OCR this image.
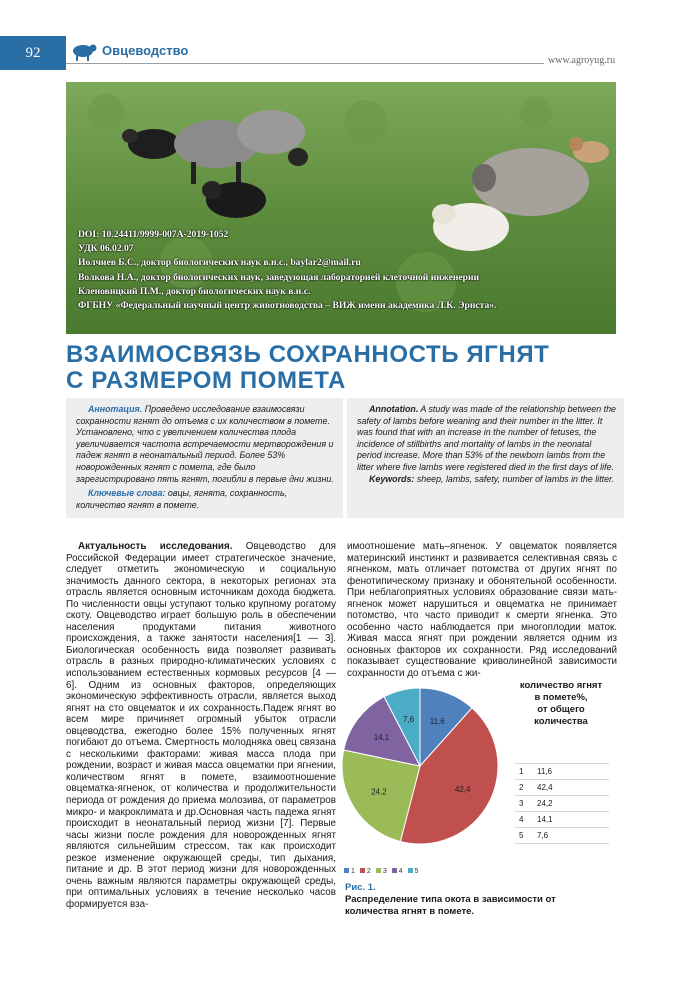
92	Овцеводство
www.agroyug.ru
DOI: 10.24411/9999-007A-2019-1052
УДК 06.02.07
Иолчиев Б.С., доктор биологических наук в.н.с., baylar2@mail.ru
Волкова Н.А., доктор биологических наук, заведующая лабораторией клеточной инженерии
Кленовицкий П.М., доктор биологических наук в.н.с.
ФГБНУ «Федеральный научный центр животноводства – ВИЖ имени академика Л.К. Эрнста».
ВЗАИМОСВЯЗЬ СОХРАННОСТЬ ЯГНЯТ
С РАЗМЕРОМ ПОМЕТА
Аннотация. Проведено исследование взаимосвязи сохранности ягнят до отъема с их количеством в помете. Установлено, что с увеличением количества плода увеличивается частота встречаемости мертворождения и падеж ягнят в неонатальный период. Более 53% новорожденных ягнят с помета, где было зарегистрировано пять ягнят, погибли в первые дни жизни.
Ключевые слова: овцы, ягнята, сохранность, количество ягнят в помете.
Annotation. A study was made of the relationship between the safety of lambs before weaning and their number in the litter. It was found that with an increase in the number of fetuses, the incidence of stillbirths and mortality of lambs in the neonatal period increase. More than 53% of the newborn lambs from the litter where five lambs were registered died in the first days of life.
Keywords: sheep, lambs, safety, number of lambs in the litter.

Актуальность исследования. Овцеводство для Российской Федерации имеет стратегическое значение, следует отметить экономическую и социальную значимость данного сектора, в некоторых регионах эта отрасль является основным источникам дохода бюджета. По численности овцы уступают только крупному рогатому скоту. Овцеводство играет большую роль в обеспечении населения продуктами питания животного происхождения, а также занятости населения[1 — 3]. Биологическая особенность вида позволяет развивать отрасль в разных природно-климатических условиях с использованием естественных кормовых ресурсов [4 — 6]. Одним из основных факторов, определяющих экономическую эффективность отрасли, является выход ягнят на сто овцематок и их сохранность.Падеж ягнят во всем мире причиняет огромный убыток отрасли овцеводства, ежегодно более 15% полученных ягнят погибают до отъема. Смертность молодняка овец связана с несколькими факторами: живая масса плода при рождении, возраст и живая масса овцематки при ягнении, количеством ягнят в помете, взаимоотношение овцематка-ягненок, от количества и продолжительности периода от рождения до приема молозива, от параметров микро- и макроклимата и др.Основная часть падежа ягнят происходит в неонатальный период жизни [7]. Первые часы жизни после рождения для новорожденных ягнят являются сильнейшим стрессом, так как происходит резкое изменение окружающей среды, тип дыхания, питание и др. В этот период жизни для новорожденных очень важным являются параметры окружающей среды, при оптимальных условиях в течение несколько часов формируется вза-

имоотношение мать–ягненок. У овцематок появляется материнский инстинкт и развивается селективная связь с ягненком, мать отличает потомства от других ягнят по фенотипическому признаку и обонятельной особенности. При неблагоприятных условиях образование связи мать-ягненок может нарушиться и овцематка не принимает потомство, что часто приводит к смерти ягненка. Это особенно часто наблюдается при многоплодии маток. Живая масса ягнят при рождении является одним из основных факторов их сохранности. Ряд исследований показывает существование криволинейной зависимости сохранности до отъема с жи-

11,6
42,4
24,2
14,1
7,6
1 2 3 4 5
количество ягнят
в помете%,
от общего
количества
1	11,6
2	42,4
3	24,2
4	14,1
5	7,6
Рис. 1.
Распределение типа окота в зависимости от количества ягнят в помете.
